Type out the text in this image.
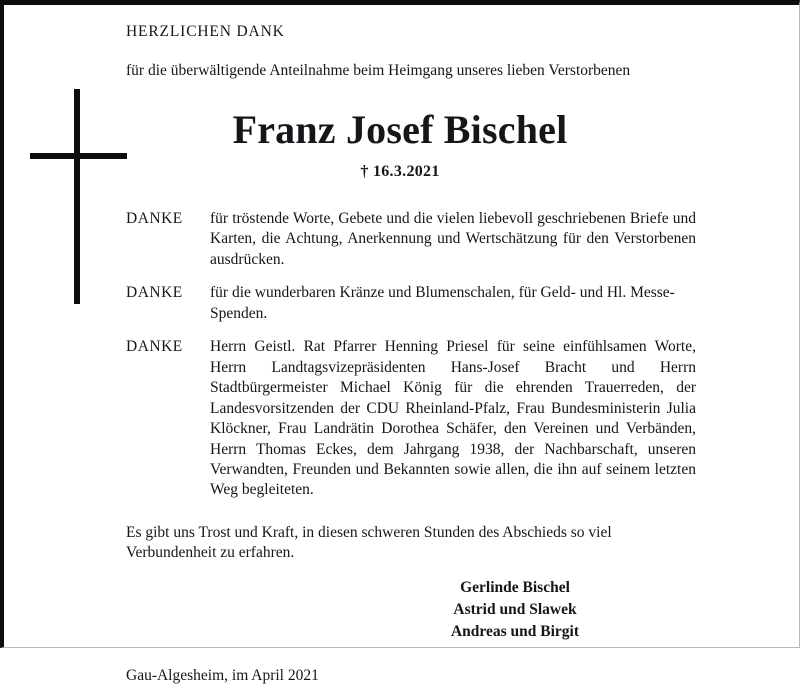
HERZLICHEN DANK
für die überwältigende Anteilnahme beim Heimgang unseres lieben Verstorbenen
Franz Josef Bischel
† 16.3.2021
DANKE	für tröstende Worte, Gebete und die vielen liebevoll geschriebenen Briefe und Karten, die Achtung, Anerkennung und Wertschätzung für den Verstorbenen ausdrücken.
DANKE	für die wunderbaren Kränze und Blumenschalen, für Geld- und Hl. Messe- Spenden.
DANKE	Herrn Geistl. Rat Pfarrer Henning Priesel für seine einfühlsamen Worte, Herrn Landtagsvizepräsidenten Hans-Josef Bracht und Herrn Stadtbürgermeister Michael König für die ehrenden Trauerreden, der Landesvorsitzenden der CDU Rheinland-Pfalz, Frau Bundesministerin Julia Klöckner, Frau Landrätin Dorothea Schäfer, den Vereinen und Verbänden, Herrn Thomas Eckes, dem Jahrgang 1938, der Nachbarschaft, unseren Verwandten, Freunden und Bekannten sowie allen, die ihn auf seinem letzten Weg begleiteten.
Es gibt uns Trost und Kraft, in diesen schweren Stunden des Abschieds so viel Verbundenheit zu erfahren.
Gerlinde Bischel
Astrid und Slawek
Andreas und Birgit
Gau-Algesheim, im April 2021
